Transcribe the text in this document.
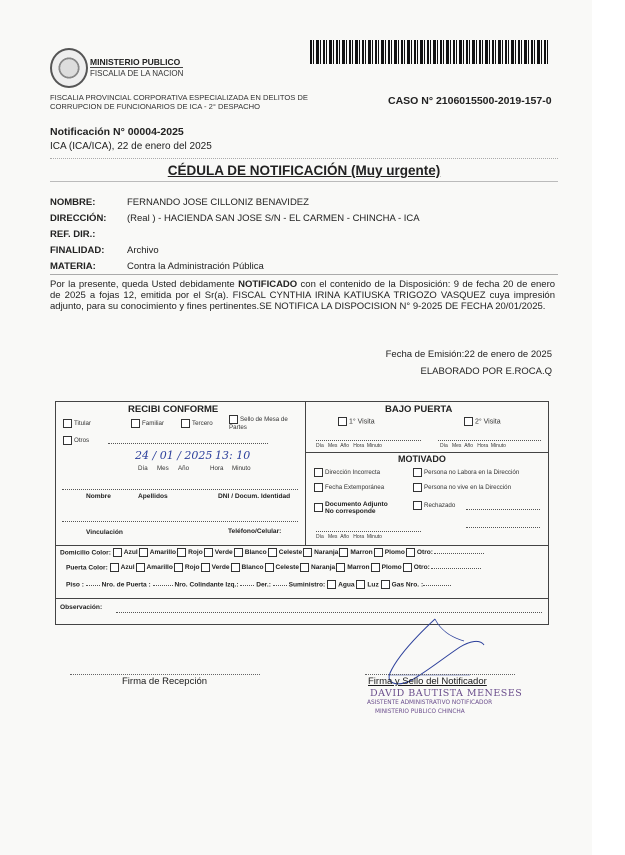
MINISTERIO PUBLICO
FISCALIA DE LA NACION
FISCALIA PROVINCIAL CORPORATIVA ESPECIALIZADA EN DELITOS DE CORRUPCION DE FUNCIONARIOS DE ICA - 2° DESPACHO	CASO N° 2106015500-2019-157-0
Notificación N° 00004-2025
ICA (ICA/ICA), 22 de enero del 2025
CÉDULA DE NOTIFICACIÓN (Muy urgente)
NOMBRE:	FERNANDO JOSE CILLONIZ BENAVIDEZ
DIRECCIÓN: (Real ) - HACIENDA SAN JOSE S/N - EL CARMEN - CHINCHA - ICA
REF. DIR.:
FINALIDAD: Archivo
MATERIA:	Contra la Administración Pública
Por la presente, queda Usted debidamente NOTIFICADO con el contenido de la Disposición: 9 de fecha 20 de enero de 2025 a fojas 12, emitida por el Sr(a). FISCAL CYNTHIA IRINA KATIUSKA TRIGOZO VASQUEZ cuya impresión adjunto, para su conocimiento y fines pertinentes.SE NOTIFICA LA DISPOCISION N° 9-2025 DE FECHA 20/01/2025.
Fecha de Emisión:22 de enero de 2025
ELABORADO POR E.ROCA.Q
RECIBI CONFORME
Titular	Familiar	Tercero
Sello de Mesa de Partes
Otros
24 / 01 / 2025 13: 10
Día Mes Año	Hora Minuto
Nombre	Apellidos	DNI / Docum. Identidad
Vinculación	Teléfono/Celular:
BAJO PUERTA
1° Visita	2° Visita
Día Mes Año Hora Minuto	Día Mes Año Hora Minuto
MOTIVADO
Dirección Incorrecta	Persona no Labora en la Dirección
Fecha Extemporánea	Persona no vive en la Dirección
Documento Adjunto No corresponde
Rechazado
Día Mes Año Hora Minuto
Domicilio Color: Azul Amarillo Rojo Verde Blanco Celeste Naranja Marron Plomo Otro:
Puerta Color: Azul Amarillo Rojo Verde Blanco Celeste Naranja Marron Plomo Otro:
Piso :	Nro. de Puerta :	Nro. Colindante Izq.:	Der.:	Suministro: Agua Luz Gas Nro. :
Observación:
Firma de Recepción	Firma y Sello del Notificador
DAVID BAUTISTA MENESES
ASISTENTE ADMINISTRATIVO NOTIFICADOR
MINISTERIO PUBLICO CHINCHA
